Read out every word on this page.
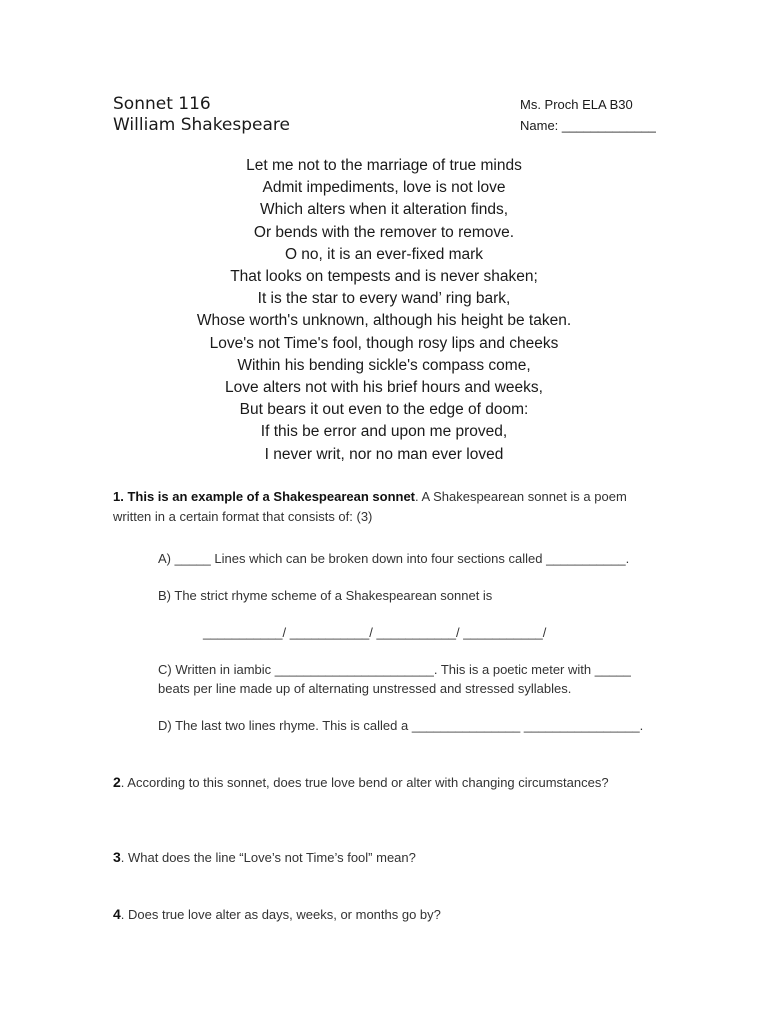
Sonnet 116
William Shakespeare
Ms. Proch ELA B30
Name: _____________
Let me not to the marriage of true minds
Admit impediments, love is not love
Which alters when it alteration finds,
Or bends with the remover to remove.
O no, it is an ever-fixed mark
That looks on tempests and is never shaken;
It is the star to every wand’ ring bark,
Whose worth's unknown, although his height be taken.
Love's not Time's fool, though rosy lips and cheeks
Within his bending sickle's compass come,
Love alters not with his brief hours and weeks,
But bears it out even to the edge of doom:
If this be error and upon me proved,
I never writ, nor no man ever loved
1. This is an example of a Shakespearean sonnet. A Shakespearean sonnet is a poem
written in a certain format that consists of: (3)
A) _____ Lines which can be broken down into four sections called ___________.
B) The strict rhyme scheme of a Shakespearean sonnet is
___________/ ___________/ ___________/ ___________/
C) Written in iambic ______________________. This is a poetic meter with _____
beats per line made up of alternating unstressed and stressed syllables.
D) The last two lines rhyme. This is called a _______________ ________________.
2. According to this sonnet, does true love bend or alter with changing circumstances?
3. What does the line “Love’s not Time’s fool” mean?
4. Does true love alter as days, weeks, or months go by?
